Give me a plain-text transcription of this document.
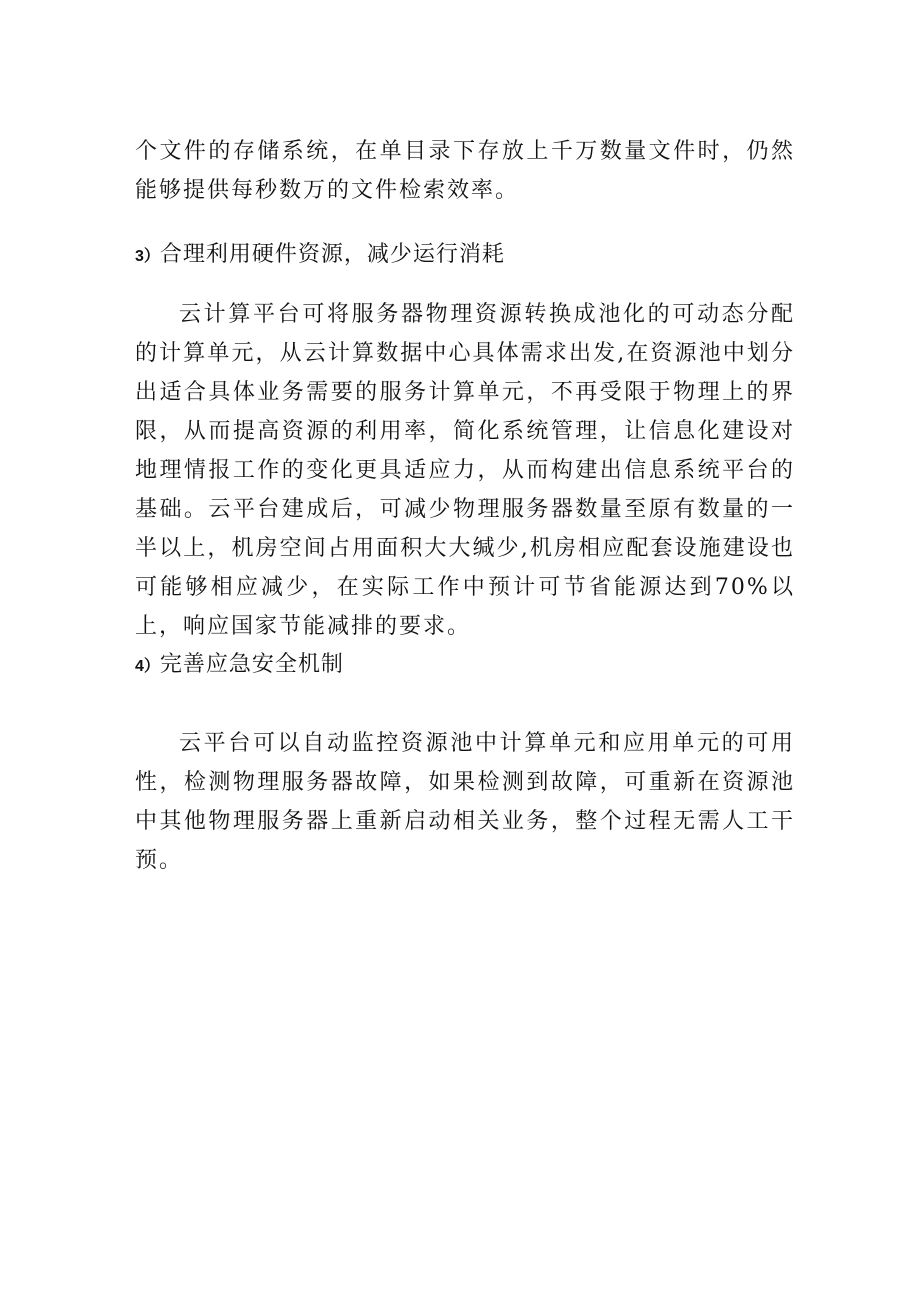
个文件的存储系统，在单目录下存放上千万数量文件时，仍然能够提供每秒数万的文件检索效率。

3）合理利用硬件资源，减少运行消耗

云计算平台可将服务器物理资源转换成池化的可动态分配的计算单元，从云计算数据中心具体需求出发,在资源池中划分出适合具体业务需要的服务计算单元，不再受限于物理上的界限，从而提高资源的利用率，简化系统管理，让信息化建设对地理情报工作的变化更具适应力，从而构建出信息系统平台的基础。云平台建成后，可减少物理服务器数量至原有数量的一半以上，机房空间占用面积大大缄少,机房相应配套设施建设也可能够相应减少，在实际工作中预计可节省能源达到70%以上，响应国家节能减排的要求。

4）完善应急安全机制

云平台可以自动监控资源池中计算单元和应用单元的可用性，检测物理服务器故障，如果检测到故障，可重新在资源池中其他物理服务器上重新启动相关业务，整个过程无需人工干预。
